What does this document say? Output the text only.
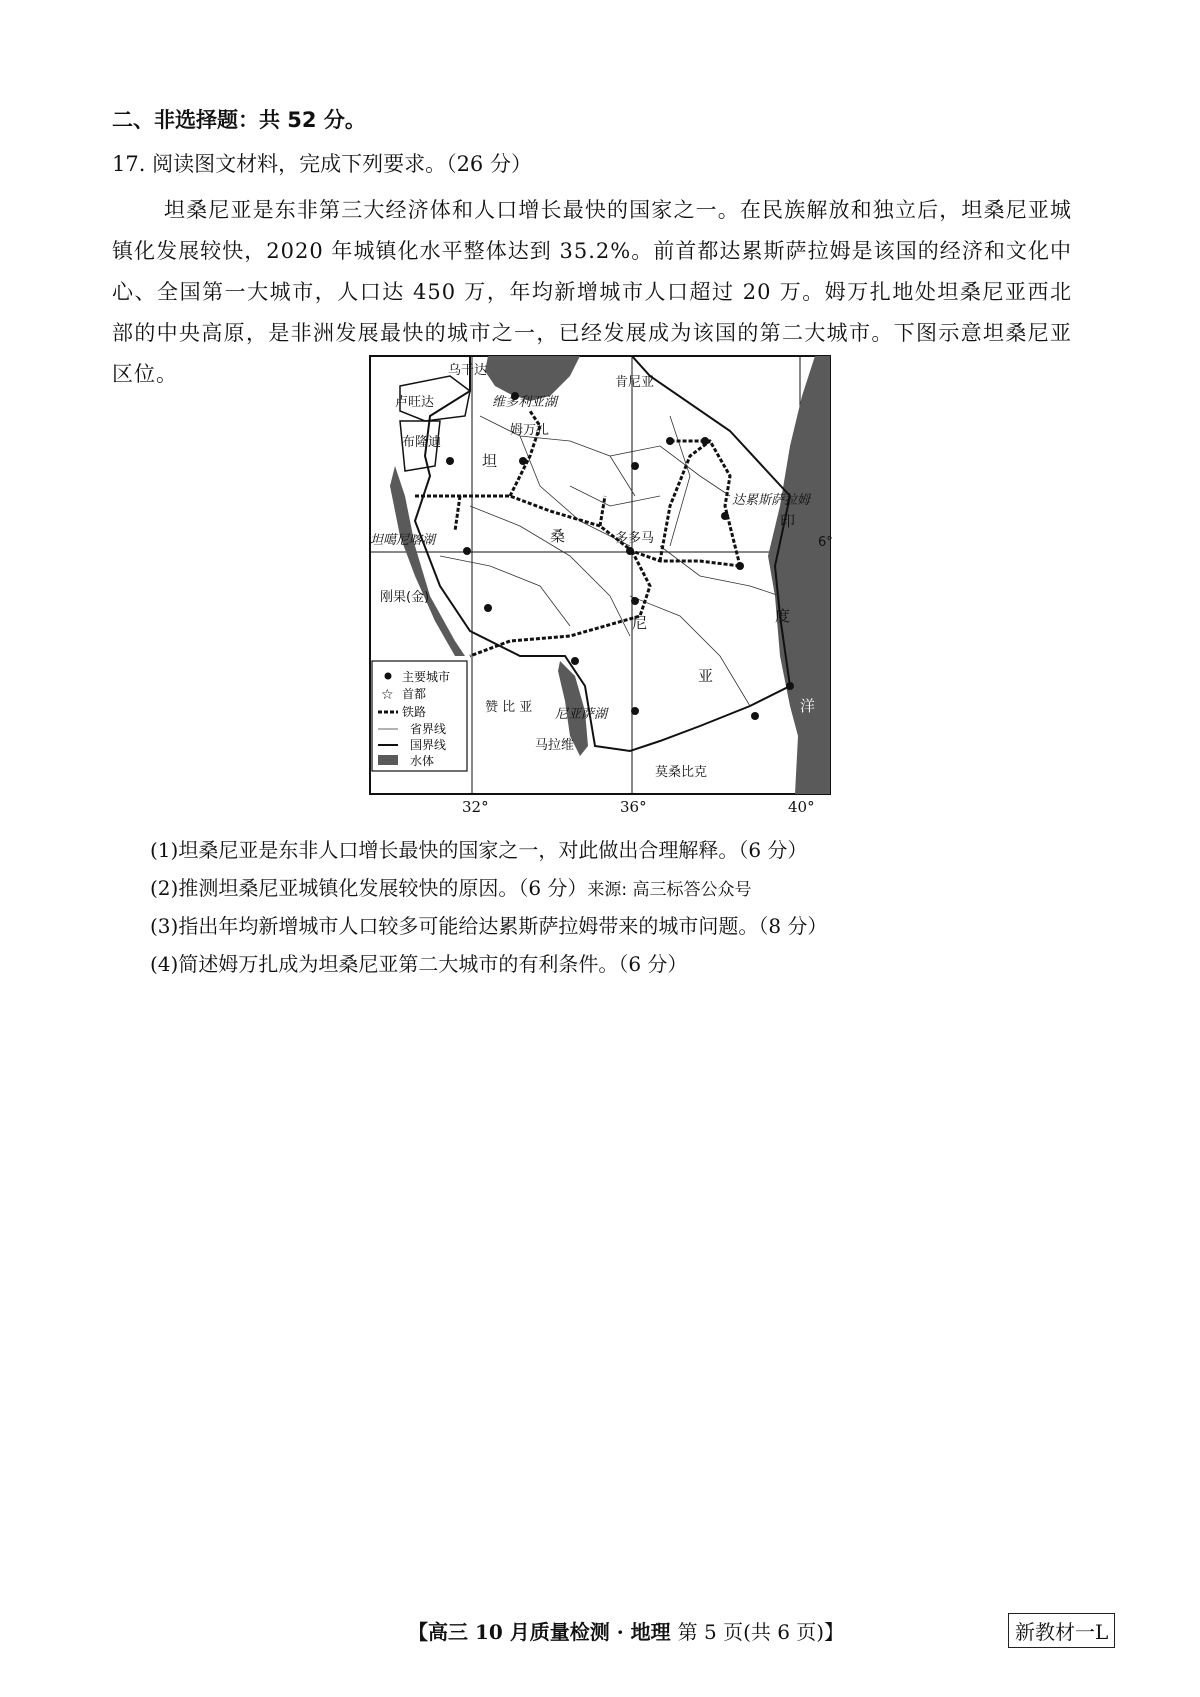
二、非选择题：共 52 分。
17. 阅读图文材料，完成下列要求。（26 分）
坦桑尼亚是东非第三大经济体和人口增长最快的国家之一。在民族解放和独立后，坦桑尼亚城镇化发展较快，2020 年城镇化水平整体达到 35.2%。前首都达累斯萨拉姆是该国的经济和文化中心、全国第一大城市，人口达 450 万，年均新增城市人口超过 20 万。姆万扎地处坦桑尼亚西北部的中央高原，是非洲发展最快的城市之一，已经发展成为该国的第二大城市。下图示意坦桑尼亚区位。	乌干达
肯尼亚
卢旺达	维多利亚湖
姆万扎
布隆迪
坦
达累斯萨拉姆
坦噶尼喀湖	桑	多多马	6°
印
刚果(金)
度
尼
亚
洋
赞 比 亚 尼亚萨湖
马拉维
莫桑比克
主要城市
☆ 首都
铁路
省界线
国界线
水体
32°	36°	40°
(1)坦桑尼亚是东非人口增长最快的国家之一，对此做出合理解释。（6 分）
(2)推测坦桑尼亚城镇化发展较快的原因。（6 分）来源: 高三标答公众号
(3)指出年均新增城市人口较多可能给达累斯萨拉姆带来的城市问题。（8 分）
(4)简述姆万扎成为坦桑尼亚第二大城市的有利条件。（6 分）
【高三 10 月质量检测 · 地理 第 5 页(共 6 页)】	新教材一L
